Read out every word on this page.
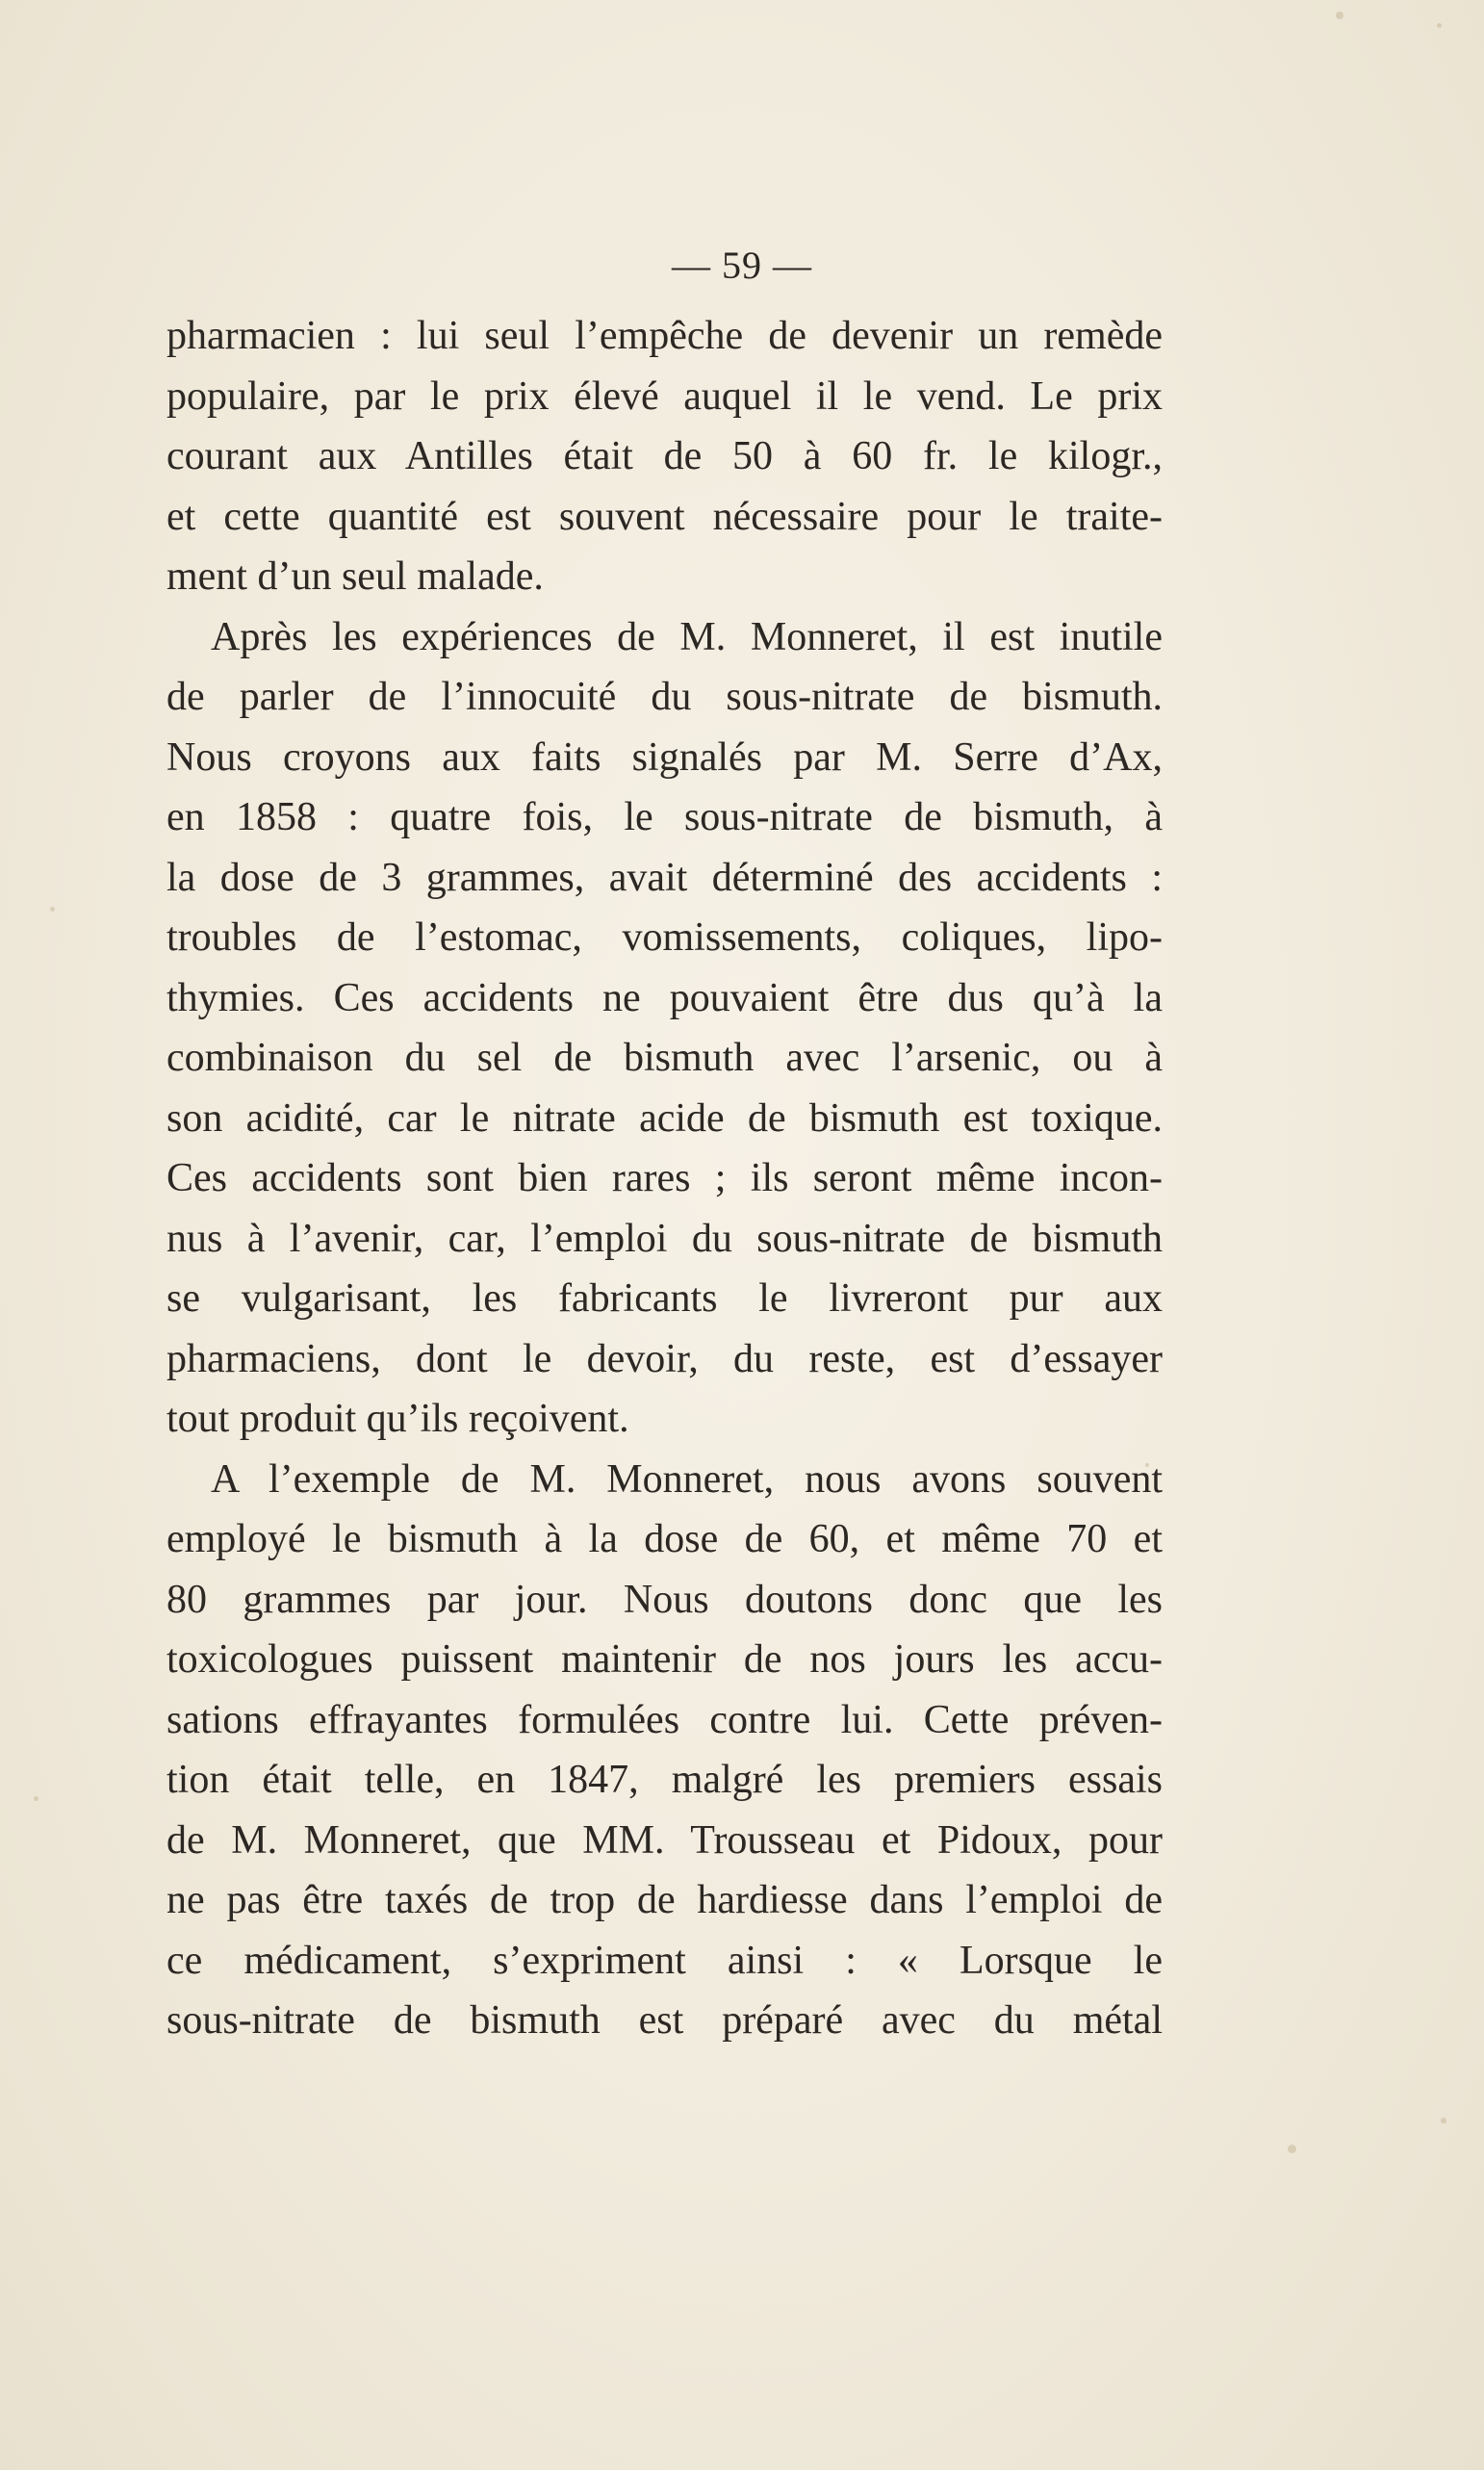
— 59 —
pharmacien : lui seul l’empêche de devenir un remède
populaire, par le prix élevé auquel il le vend. Le prix
courant aux Antilles était de 50 à 60 fr. le kilogr.,
et cette quantité est souvent nécessaire pour le traite-
ment d’un seul malade.
Après les expériences de M. Monneret, il est inutile
de parler de l’innocuité du sous-nitrate de bismuth.
Nous croyons aux faits signalés par M. Serre d’Ax,
en 1858 : quatre fois, le sous-nitrate de bismuth, à
la dose de 3 grammes, avait déterminé des accidents :
troubles de l’estomac, vomissements, coliques, lipo-
thymies. Ces accidents ne pouvaient être dus qu’à la
combinaison du sel de bismuth avec l’arsenic, ou à
son acidité, car le nitrate acide de bismuth est toxique.
Ces accidents sont bien rares ; ils seront même incon-
nus à l’avenir, car, l’emploi du sous-nitrate de bismuth
se vulgarisant, les fabricants le livreront pur aux
pharmaciens, dont le devoir, du reste, est d’essayer
tout produit qu’ils reçoivent.
A l’exemple de M. Monneret, nous avons souvent
employé le bismuth à la dose de 60, et même 70 et
80 grammes par jour. Nous doutons donc que les
toxicologues puissent maintenir de nos jours les accu-
sations effrayantes formulées contre lui. Cette préven-
tion était telle, en 1847, malgré les premiers essais
de M. Monneret, que MM. Trousseau et Pidoux, pour
ne pas être taxés de trop de hardiesse dans l’emploi de
ce médicament, s’expriment ainsi : « Lorsque le
sous-nitrate de bismuth est préparé avec du métal
